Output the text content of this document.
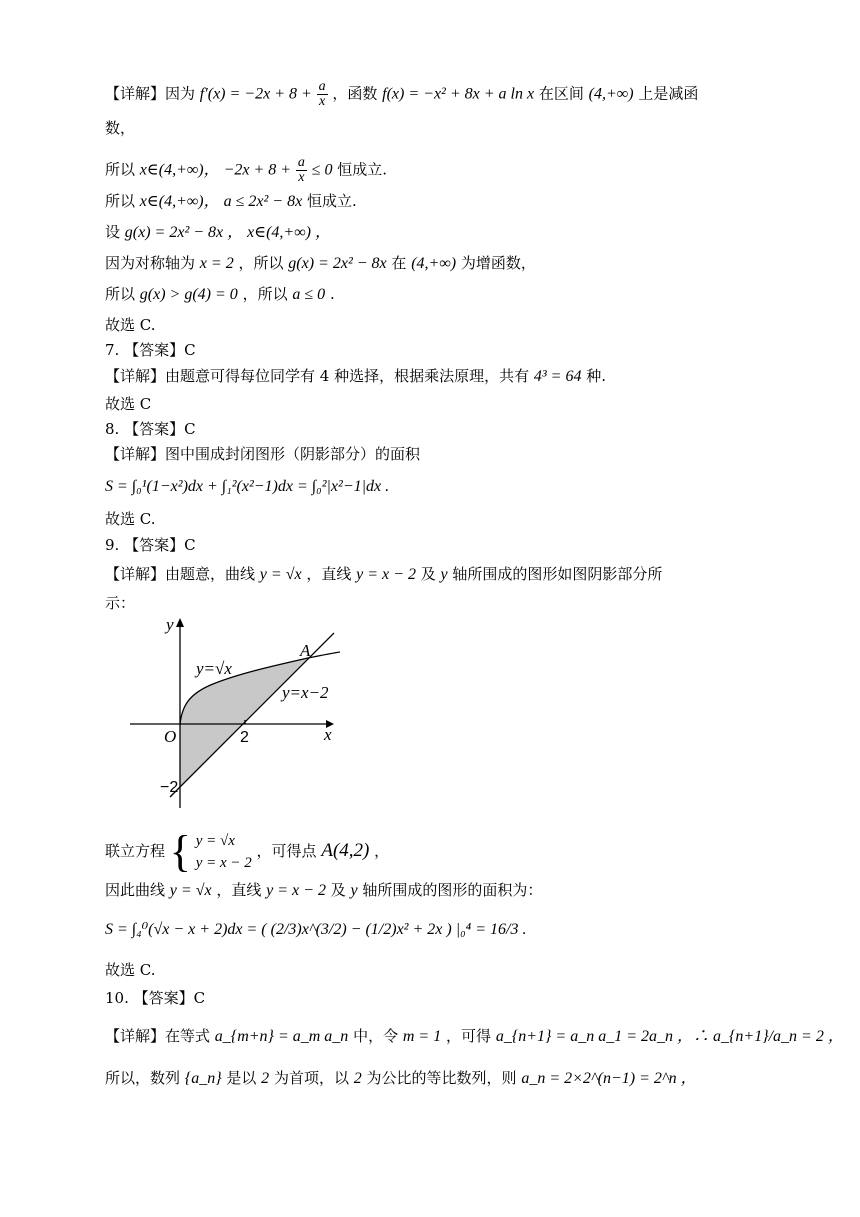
【详解】因为 $f'(x) = -2x + 8 + \frac{a}{x}$ ，函数 f(x) = −x² + 8x + a ln x 在区间 (4,+∞) 上是减函
数，
所以 x∈(4,+∞)， $-2x + 8 + \frac{a}{x} \le 0$ 恒成立.
所以 x∈(4,+∞)， a ≤ 2x² − 8x 恒成立.
设 g(x) = 2x² − 8x ， x∈(4,+∞) ，
因为对称轴为 x = 2 ，所以 g(x) = 2x² − 8x 在 (4,+∞) 为增函数，
所以 g(x) > g(4) = 0 ，所以 a ≤ 0 .
故选 C.
7. 【答案】C
【详解】由题意可得每位同学有 4 种选择，根据乘法原理，共有 4³ = 64 种.
故选 C
8. 【答案】C
【详解】图中围成封闭图形（阴影部分）的面积
S = ∫₀¹(1−x²)dx + ∫₁²(x²−1)dx = ∫₀²|x²−1|dx .
故选 C.
9. 【答案】C
【详解】由题意，曲线 y = √x ，直线 y = x − 2 及 y 轴所围成的图形如图阴影部分所
示：
y
x
O	2
−2
A
y=√x
y=x−2
联立方程 { y = √x
y = x − 2
，可得点 A(4,2) ，
因此曲线 y = √x ，直线 y = x − 2 及 y 轴所围成的图形的面积为：
S = ∫₄⁰(√x − x + 2)dx = ( (2/3)x^(3/2) − (1/2)x² + 2x ) |₀⁴ = 16/3 .
故选 C.
10. 【答案】C
【详解】在等式 a_{m+n} = a_m a_n 中，令 m = 1 ，可得 a_{n+1} = a_n a_1 = 2a_n ，∴ a_{n+1}/a_n = 2 ，
所以，数列 {a_n} 是以 2 为首项，以 2 为公比的等比数列，则 a_n = 2×2^(n−1) = 2^n ，
